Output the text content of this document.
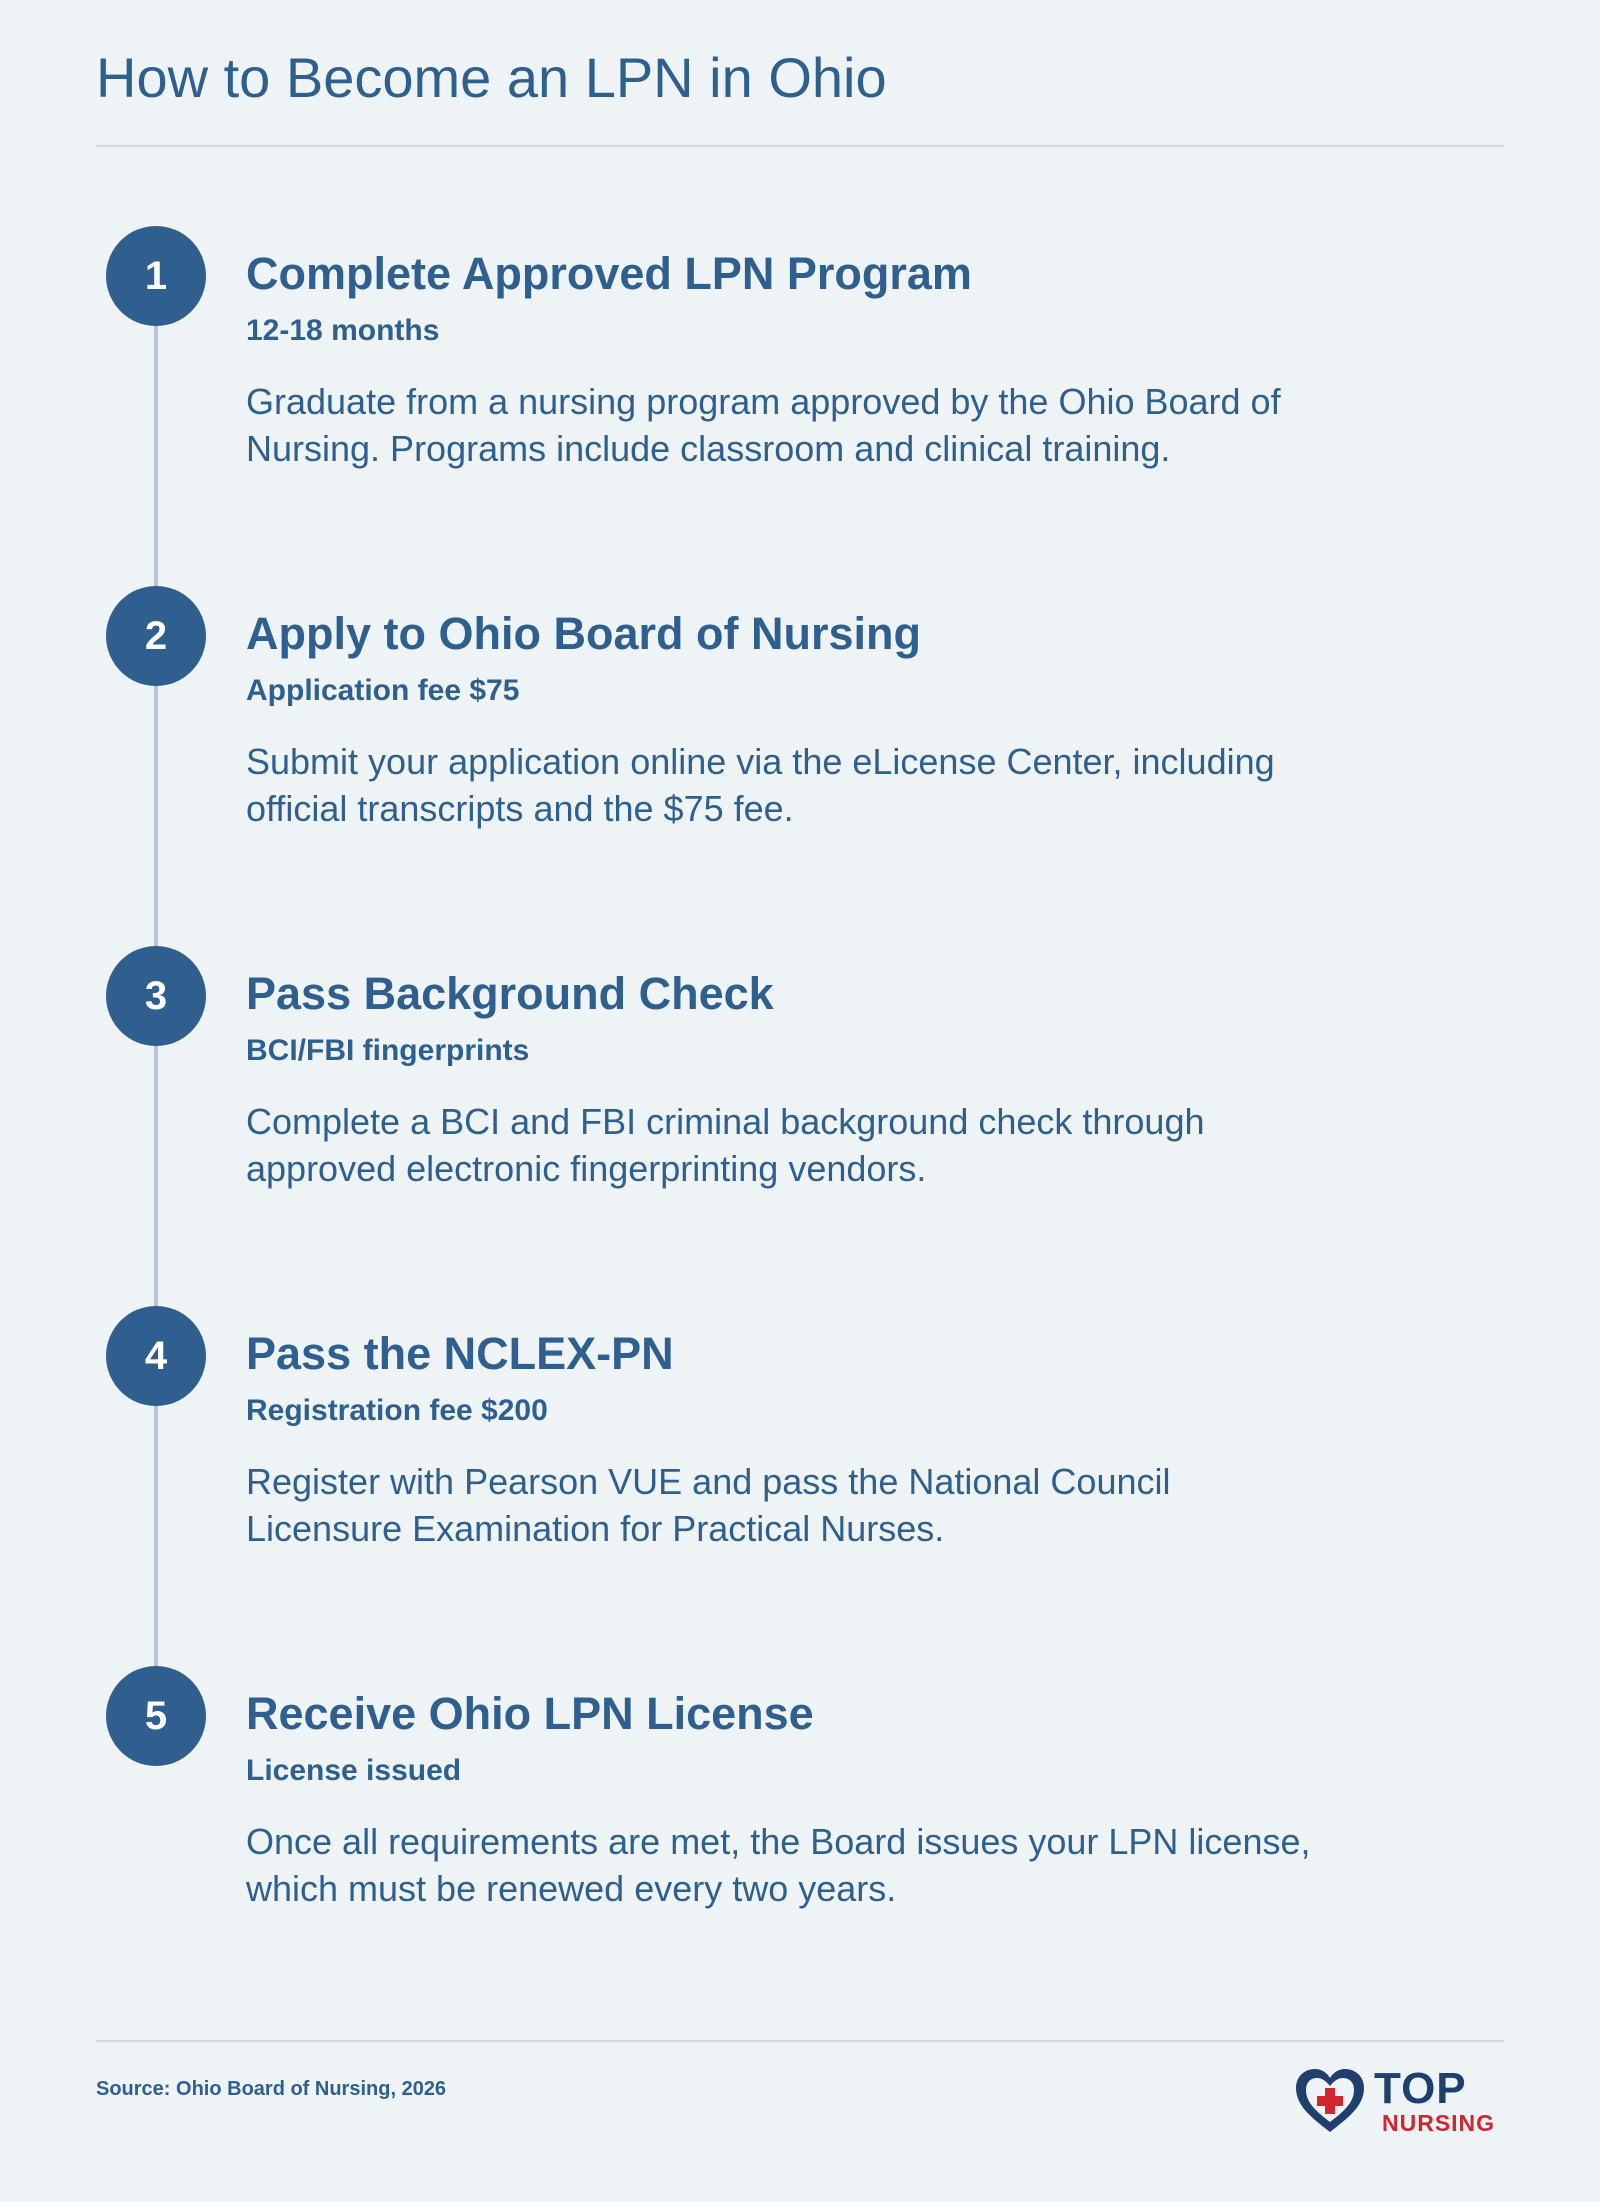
How to Become an LPN in Ohio
1	Complete Approved LPN Program
12-18 months
Graduate from a nursing program approved by the Ohio Board of Nursing. Programs include classroom and clinical training.
2	Apply to Ohio Board of Nursing
Application fee $75
Submit your application online via the eLicense Center, including official transcripts and the $75 fee.
3	Pass Background Check
BCI/FBI fingerprints
Complete a BCI and FBI criminal background check through approved electronic fingerprinting vendors.
4	Pass the NCLEX-PN
Registration fee $200
Register with Pearson VUE and pass the National Council Licensure Examination for Practical Nurses.
5	Receive Ohio LPN License
License issued
Once all requirements are met, the Board issues your LPN license, which must be renewed every two years.
Source: Ohio Board of Nursing, 2026	TOP
NURSING
